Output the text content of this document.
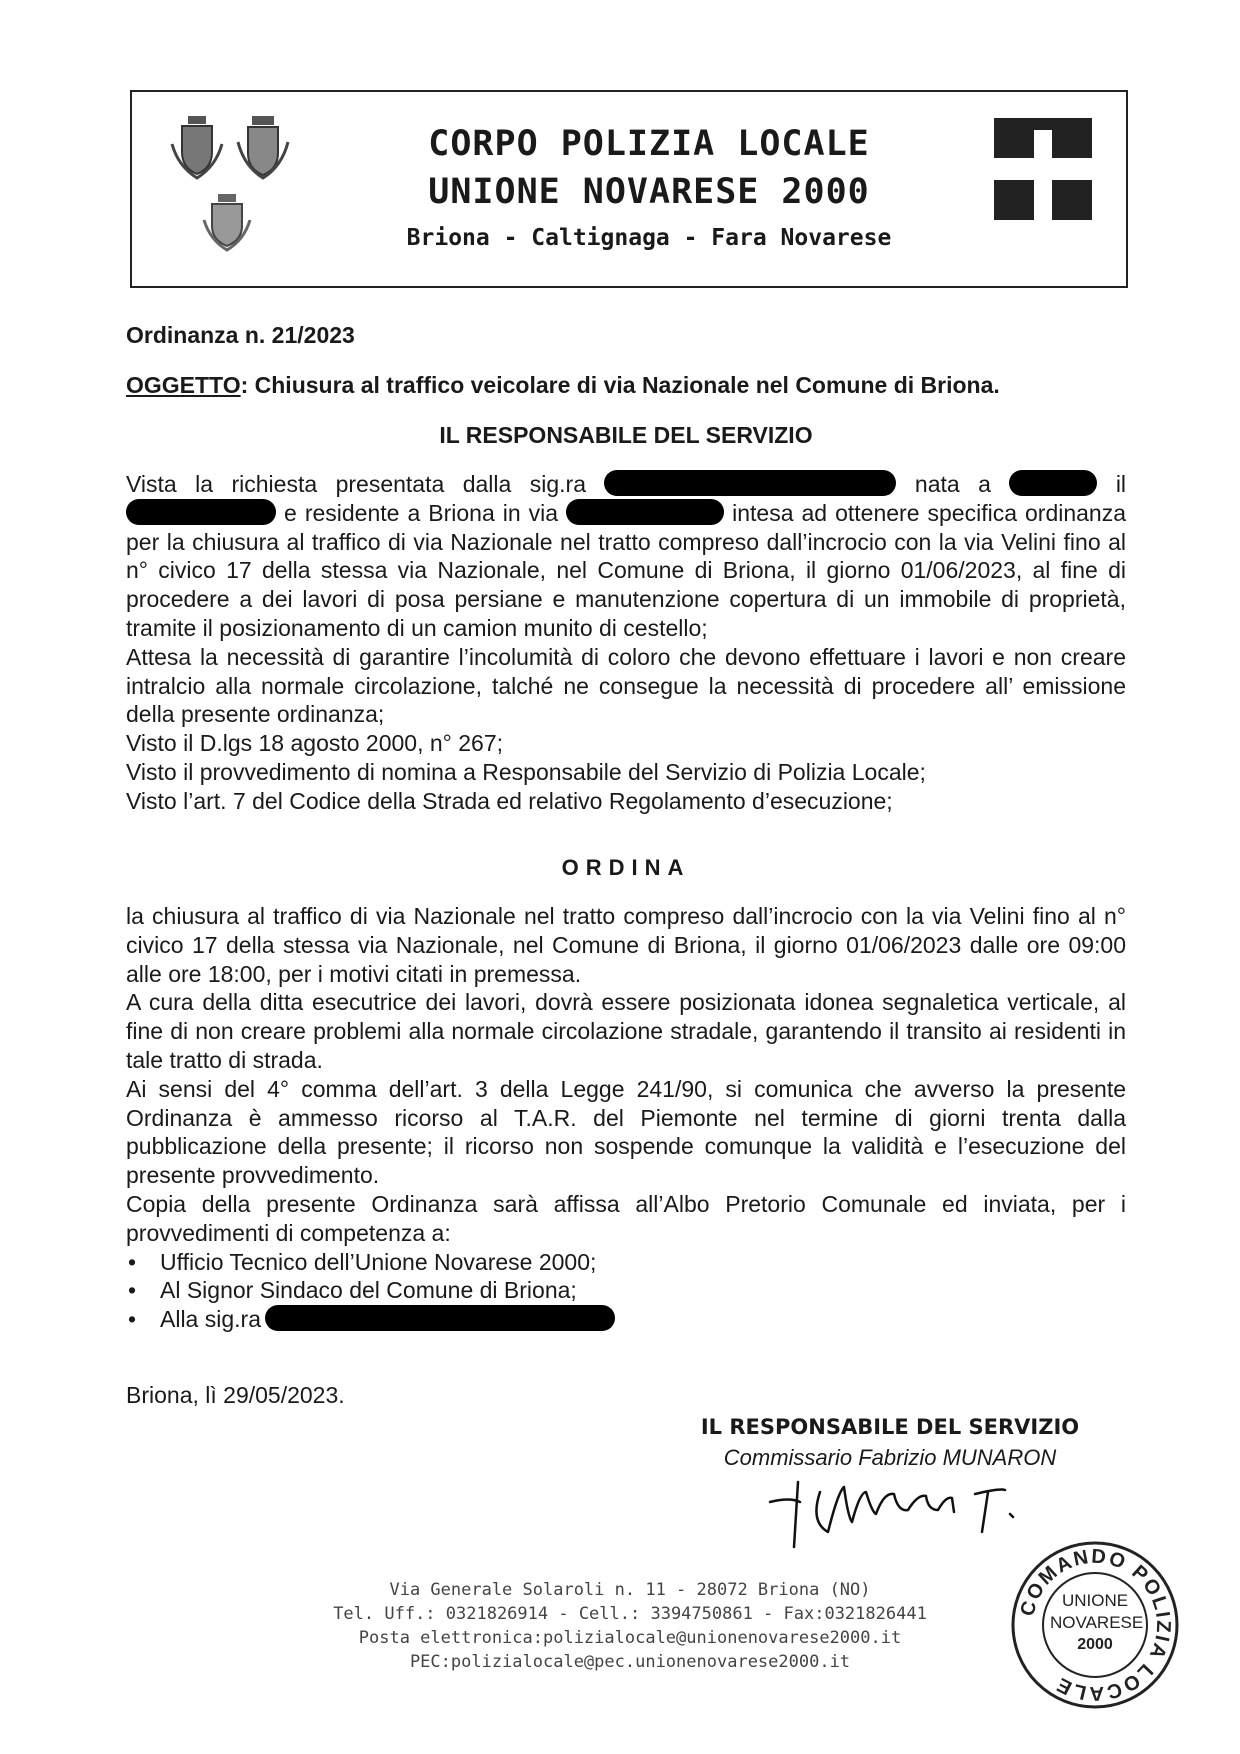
CORPO POLIZIA LOCALE
UNIONE NOVARESE 2000
Briona - Caltignaga - Fara Novarese
Ordinanza n. 21/2023
OGGETTO: Chiusura al traffico veicolare di via Nazionale nel Comune di Briona.
IL RESPONSABILE DEL SERVIZIO

Vista la richiesta presentata dalla sig.ra	nata a	il  e residente a Briona in via	intesa ad ottenere specifica ordinanza per la chiusura al traffico di via Nazionale nel tratto compreso dall’incrocio con la via Velini fino al n° civico 17 della stessa via Nazionale, nel Comune di Briona, il giorno 01/06/2023, al fine di procedere a dei lavori di posa persiane e manutenzione copertura di un immobile di proprietà, tramite il posizionamento di un camion munito di cestello;

Attesa la necessità di garantire l’incolumità di coloro che devono effettuare i lavori e non creare intralcio alla normale circolazione, talché ne consegue la necessità di procedere all’ emissione della presente ordinanza;

Visto il D.lgs 18 agosto 2000, n° 267;

Visto il provvedimento di nomina a Responsabile del Servizio di Polizia Locale;

Visto l’art. 7 del Codice della Strada ed relativo Regolamento d’esecuzione;

ORDINA

la chiusura al traffico di via Nazionale nel tratto compreso dall’incrocio con la via Velini fino al n° civico 17 della stessa via Nazionale, nel Comune di Briona, il giorno 01/06/2023 dalle ore 09:00 alle ore 18:00, per i motivi citati in premessa.

A cura della ditta esecutrice dei lavori, dovrà essere posizionata idonea segnaletica verticale, al fine di non creare problemi alla normale circolazione stradale, garantendo il transito ai residenti in tale tratto di strada.

Ai sensi del 4° comma dell’art. 3 della Legge 241/90, si comunica che avverso la presente Ordinanza è ammesso ricorso al T.A.R. del Piemonte nel termine di giorni trenta dalla pubblicazione della presente; il ricorso non sospende comunque la validità e l’esecuzione del presente provvedimento.

Copia della presente Ordinanza sarà affissa all’Albo Pretorio Comunale ed inviata, per i provvedimenti di competenza a:

• Ufficio Tecnico dell’Unione Novarese 2000;
• Al Signor Sindaco del Comune di Briona;
• Alla sig.ra
Briona, lì 29/05/2023.
IL RESPONSABILE DEL SERVIZIO
Commissario Fabrizio MUNARON
Via Generale Solaroli n. 11 - 28072 Briona (NO)
Tel. Uff.: 0321826914 - Cell.: 3394750861 - Fax:0321826441
Posta elettronica:polizialocale@unionenovarese2000.it
PEC:polizialocale@pec.unionenovarese2000.it
COMANDO POLIZIA LOCALE
UNIONE
NOVARESE
2000
